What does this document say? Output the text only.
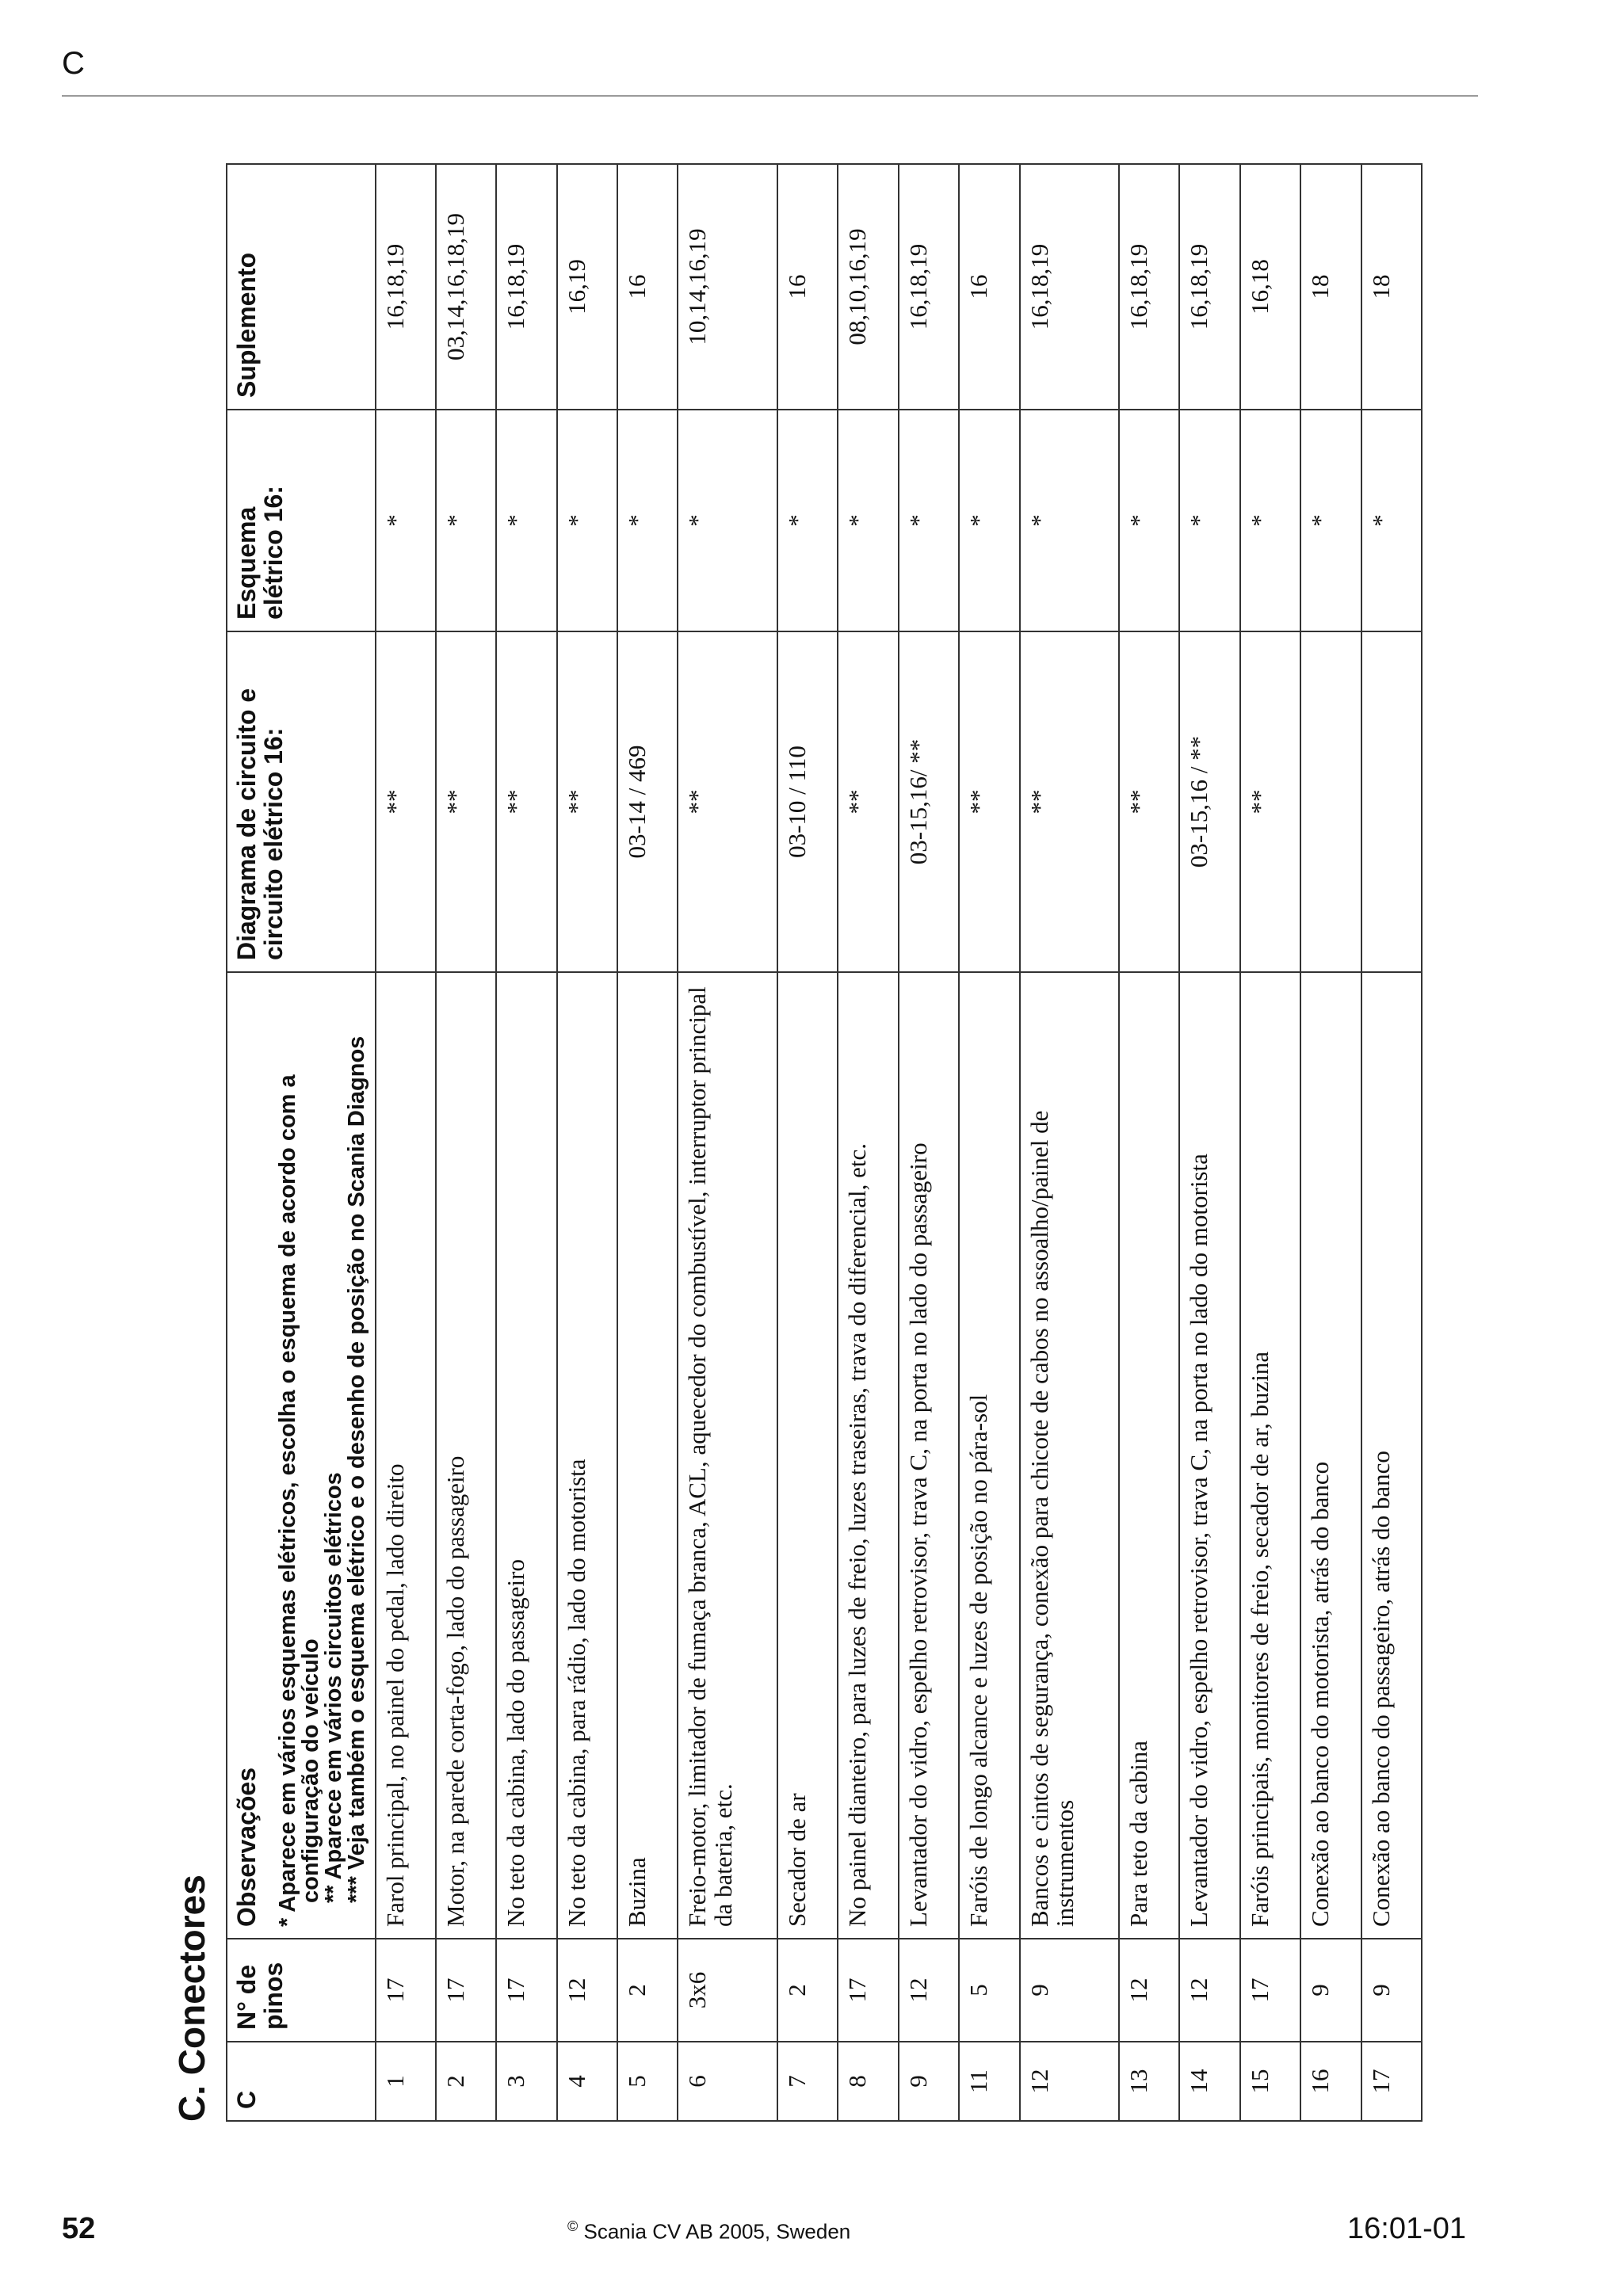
C
C. Conectores C	N° de pinos	Observações * Aparece em vários esquemas elétricos, escolha o esquema de acordo com a
configuração do veículo
** Aparece em vários circuitos elétricos
*** Veja também o esquema elétrico e o desenho de posição no Scania Diagnos	Diagrama de circuito e circuito elétrico 16:	Esquema elétrico 16:	Suplemento
1	17	Farol principal, no painel do pedal, lado direito	**	*	16,18,19
2	17	Motor, na parede corta-fogo, lado do passageiro	**	*	03,14,16,18,19
3	17	No teto da cabina, lado do passageiro	**	*	16,18,19
4	12	No teto da cabina, para rádio, lado do motorista	**	*	16,19
5	2	Buzina	03-14 / 469	*	16
6	3x6	Freio-motor, limitador de fumaça branca, ACL, aquecedor do combustível, interruptor principal da bateria, etc.	**	*	10,14,16,19
7	2	Secador de ar	03-10 / 110	*	16
8	17	No painel dianteiro, para luzes de freio, luzes traseiras, trava do diferencial, etc.	**	*	08,10,16,19
9	12	Levantador do vidro, espelho retrovisor, trava C, na porta no lado do passageiro	03-15,16/ **	*	16,18,19
11	5	Faróis de longo alcance e luzes de posição no pára-sol	**	*	16
12	9	Bancos e cintos de segurança, conexão para chicote de cabos no assoalho/painel de instrumentos	**	*	16,18,19
13	12	Para teto da cabina	**	*	16,18,19
14	12	Levantador do vidro, espelho retrovisor, trava C, na porta no lado do motorista	03-15,16 / **	*	16,18,19
15	17	Faróis principais, monitores de freio, secador de ar, buzina	**	*	16,18
16	9	Conexão ao banco do motorista, atrás do banco		*	18
17	9	Conexão ao banco do passageiro, atrás do banco		*	18
52	© Scania CV AB 2005, Sweden	16:01-01
